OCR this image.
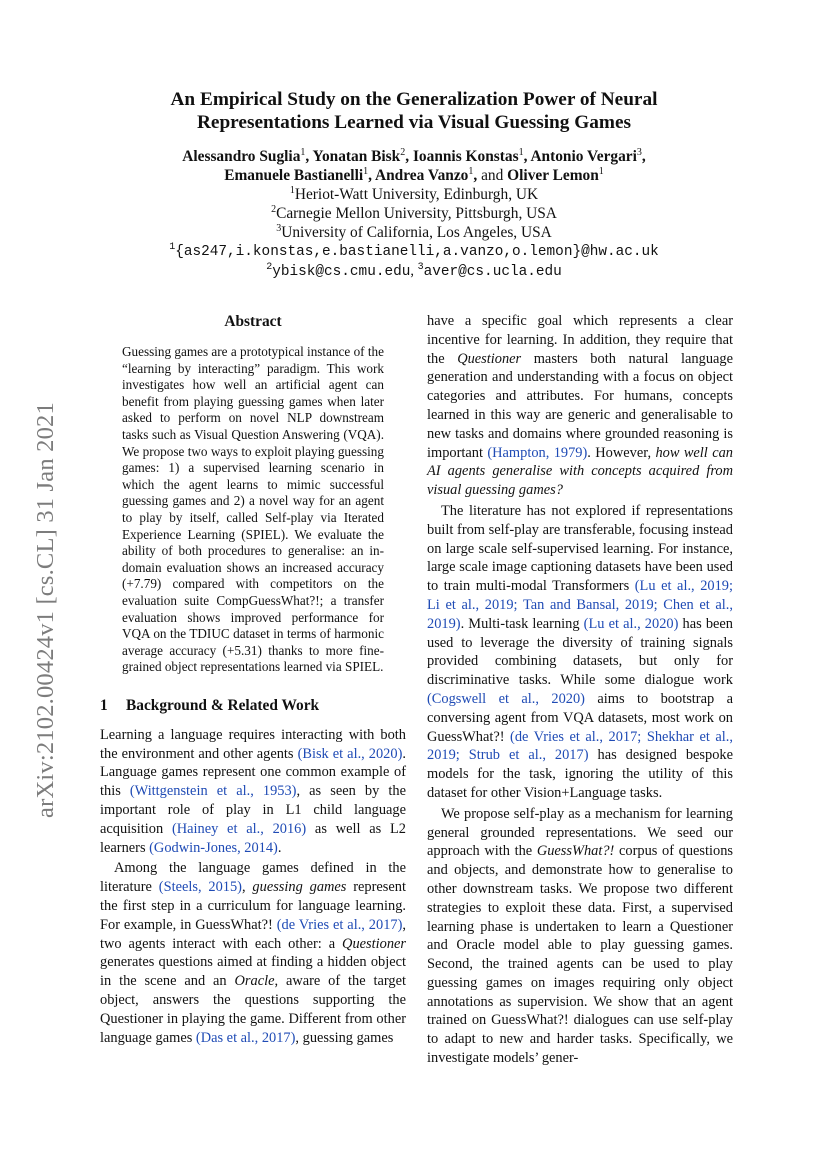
arXiv:2102.00424v1 [cs.CL] 31 Jan 2021
An Empirical Study on the Generalization Power of Neural
Representations Learned via Visual Guessing Games
Alessandro Suglia$^1$, Yonatan Bisk$^2$, Ioannis Konstas$^1$, Antonio Vergari$^3$,
Emanuele Bastianelli$^1$, Andrea Vanzo$^1$, and Oliver Lemon$^1$
$^1$Heriot-Watt University, Edinburgh, UK
$^2$Carnegie Mellon University, Pittsburgh, USA
$^3$University of California, Los Angeles, USA
$^1${as247,i.konstas,e.bastianelli,a.vanzo,o.lemon}@hw.ac.uk
$^2$ybisk@cs.cmu.edu, $^3$aver@cs.ucla.edu
Abstract

Guessing games are a prototypical instance of the “learning by interacting” paradigm. This work investigates how well an artificial agent can benefit from playing guessing games when later asked to perform on novel NLP downstream tasks such as Visual Question Answering (VQA). We propose two ways to exploit playing guessing games: 1) a supervised learning scenario in which the agent learns to mimic successful guessing games and 2) a novel way for an agent to play by itself, called Self-play via Iterated Experience Learning (SPIEL). We evaluate the ability of both procedures to generalise: an in-domain evaluation shows an increased accuracy (+7.79) compared with competitors on the evaluation suite CompGuessWhat?!; a transfer evaluation shows improved performance for VQA on the TDIUC dataset in terms of harmonic average accuracy (+5.31) thanks to more fine-grained object representations learned via SPIEL.

1 Background & Related Work

Learning a language requires interacting with both the environment and other agents (Bisk et al., 2020). Language games represent one common example of this (Wittgenstein et al., 1953), as seen by the important role of play in L1 child language acquisition (Hainey et al., 2016) as well as L2 learners (Godwin-Jones, 2014).

Among the language games defined in the literature (Steels, 2015), guessing games represent the first step in a curriculum for language learning. For example, in GuessWhat?! (de Vries et al., 2017), two agents interact with each other: a Questioner generates questions aimed at finding a hidden object in the scene and an Oracle, aware of the target object, answers the questions supporting the Questioner in playing the game. Different from other language games (Das et al., 2017), guessing games

have a specific goal which represents a clear incentive for learning. In addition, they require that the Questioner masters both natural language generation and understanding with a focus on object categories and attributes. For humans, concepts learned in this way are generic and generalisable to new tasks and domains where grounded reasoning is important (Hampton, 1979). However, how well can AI agents generalise with concepts acquired from visual guessing games?

The literature has not explored if representations built from self-play are transferable, focusing instead on large scale self-supervised learning. For instance, large scale image captioning datasets have been used to train multi-modal Transformers (Lu et al., 2019; Li et al., 2019; Tan and Bansal, 2019; Chen et al., 2019). Multi-task learning (Lu et al., 2020) has been used to leverage the diversity of training signals provided combining datasets, but only for discriminative tasks. While some dialogue work (Cogswell et al., 2020) aims to bootstrap a conversing agent from VQA datasets, most work on GuessWhat?! (de Vries et al., 2017; Shekhar et al., 2019; Strub et al., 2017) has designed bespoke models for the task, ignoring the utility of this dataset for other Vision+Language tasks.

We propose self-play as a mechanism for learning general grounded representations. We seed our approach with the GuessWhat?! corpus of questions and objects, and demonstrate how to generalise to other downstream tasks. We propose two different strategies to exploit these data. First, a supervised learning phase is undertaken to learn a Questioner and Oracle model able to play guessing games. Second, the trained agents can be used to play guessing games on images requiring only object annotations as supervision. We show that an agent trained on GuessWhat?! dialogues can use self-play to adapt to new and harder tasks. Specifically, we investigate models’ gener-
